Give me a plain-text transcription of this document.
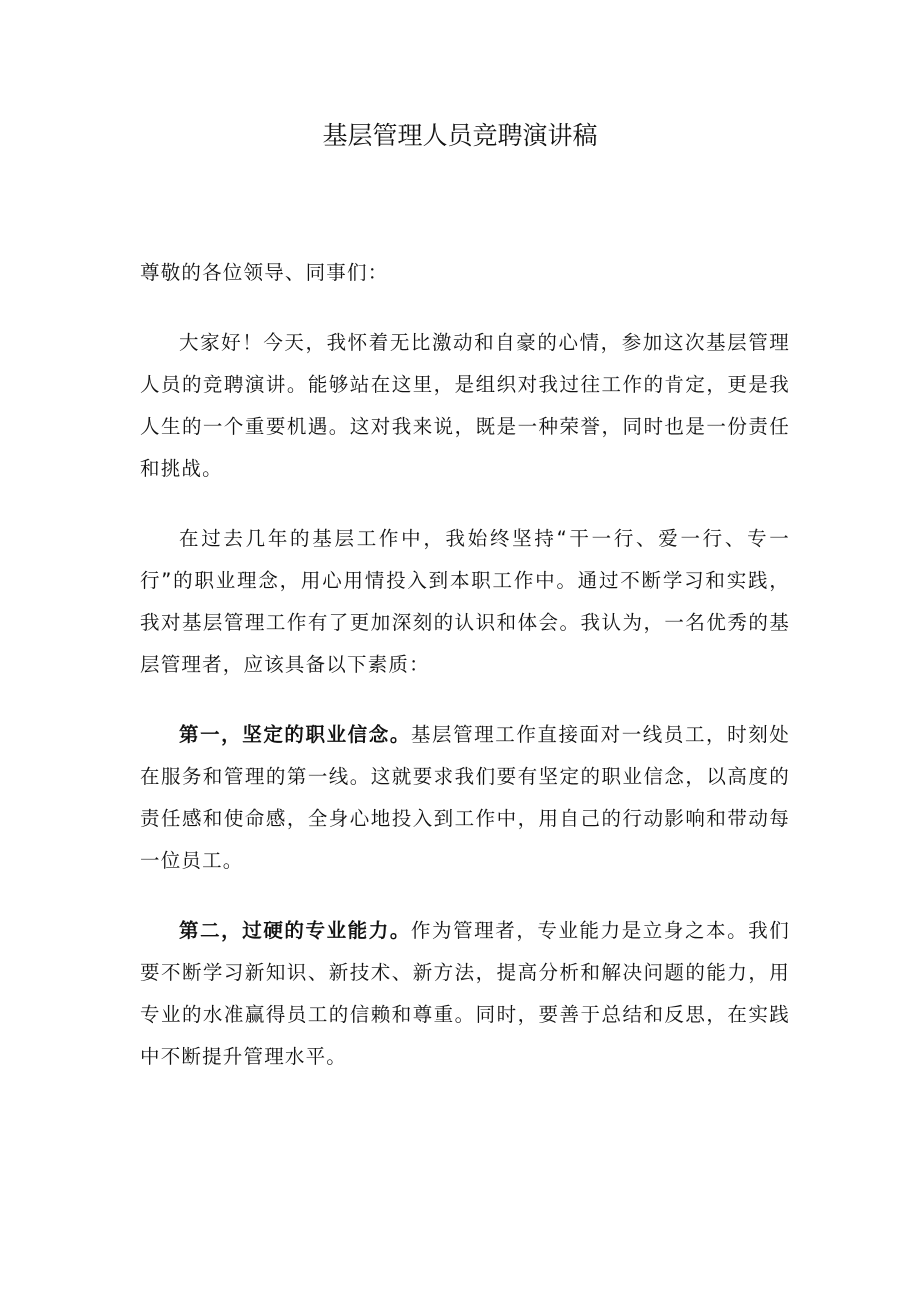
基层管理人员竞聘演讲稿

尊敬的各位领导、同事们：

大家好！今天，我怀着无比激动和自豪的心情，参加这次基层管理人员的竞聘演讲。能够站在这里，是组织对我过往工作的肯定，更是我人生的一个重要机遇。这对我来说，既是一种荣誉，同时也是一份责任和挑战。

在过去几年的基层工作中，我始终坚持“干一行、爱一行、专一行”的职业理念，用心用情投入到本职工作中。通过不断学习和实践，我对基层管理工作有了更加深刻的认识和体会。我认为，一名优秀的基层管理者，应该具备以下素质：

第一，坚定的职业信念。基层管理工作直接面对一线员工，时刻处在服务和管理的第一线。这就要求我们要有坚定的职业信念，以高度的责任感和使命感，全身心地投入到工作中，用自己的行动影响和带动每一位员工。

第二，过硬的专业能力。作为管理者，专业能力是立身之本。我们要不断学习新知识、新技术、新方法，提高分析和解决问题的能力，用专业的水准赢得员工的信赖和尊重。同时，要善于总结和反思，在实践中不断提升管理水平。
